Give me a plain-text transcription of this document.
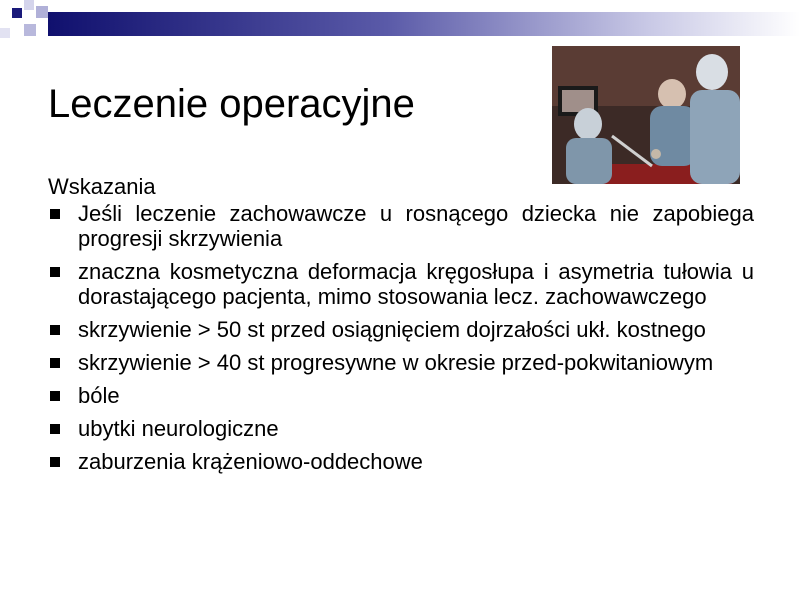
Leczenie operacyjne

Wskazania

Jeśli leczenie zachowawcze u rosnącego dziecka nie zapobiega progresji skrzywienia
znaczna kosmetyczna deformacja kręgosłupa i asymetria tułowia u dorastającego pacjenta, mimo stosowania lecz. zachowawczego
skrzywienie > 50 st przed osiągnięciem dojrzałości ukł. kostnego
skrzywienie > 40 st progresywne w okresie przed-pokwitaniowym
bóle
ubytki neurologiczne
zaburzenia krążeniowo-oddechowe
